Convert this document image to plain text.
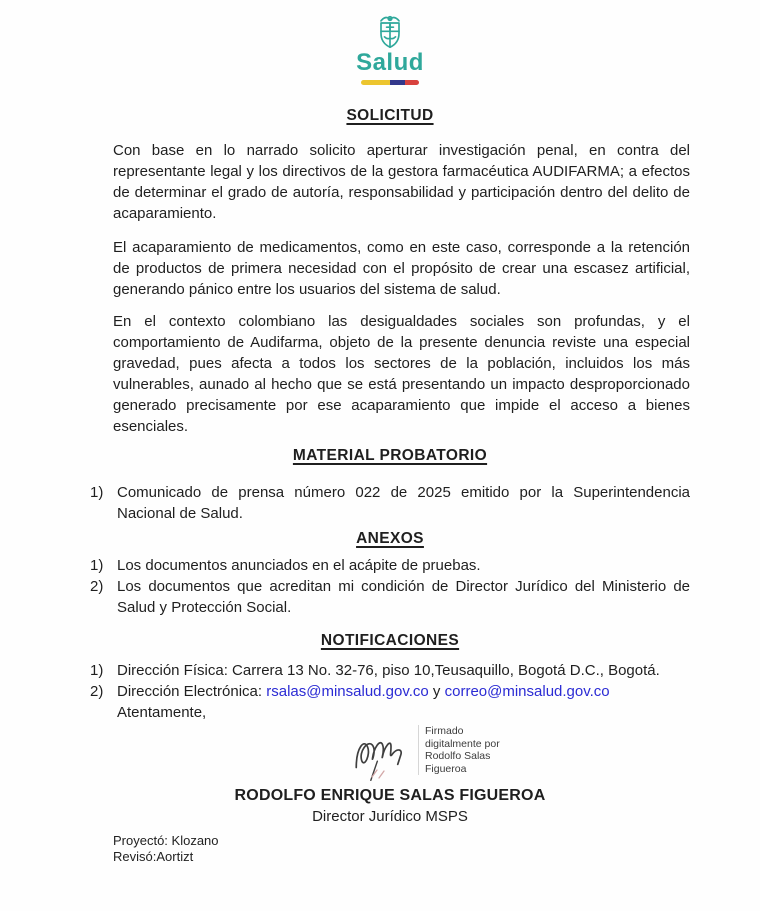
Salud
SOLICITUD

Con base en lo narrado solicito aperturar investigación penal, en contra del representante legal y los directivos de la gestora farmacéutica AUDIFARMA; a efectos de determinar el grado de autoría, responsabilidad y participación dentro del delito de acaparamiento.

El acaparamiento de medicamentos, como en este caso, corresponde a la retención de productos de primera necesidad con el propósito de crear una escasez artificial, generando pánico entre los usuarios del sistema de salud.

En el contexto colombiano las desigualdades sociales son profundas, y el comportamiento de Audifarma, objeto de la presente denuncia reviste una especial gravedad, pues afecta a todos los sectores de la población, incluidos los más vulnerables, aunado al hecho que se está presentando un impacto desproporcionado generado precisamente por ese acaparamiento que impide el acceso a bienes esenciales.

MATERIAL PROBATORIO
1) Comunicado de prensa número 022 de 2025 emitido por la Superintendencia Nacional de Salud.
ANEXOS
1) Los documentos anunciados en el acápite de pruebas.
2) Los documentos que acreditan mi condición de Director Jurídico del Ministerio de Salud y Protección Social.
NOTIFICACIONES
1) Dirección Física: Carrera 13 No. 32-76, piso 10,Teusaquillo, Bogotá D.C., Bogotá.
2) Dirección Electrónica: rsalas@minsalud.gov.co y correo@minsalud.gov.co
Atentamente,
Firmado digitalmente por Rodolfo Salas Figueroa
RODOLFO ENRIQUE SALAS FIGUEROA
Director Jurídico MSPS
Proyectó: Klozano
Revisó:Aortizt
